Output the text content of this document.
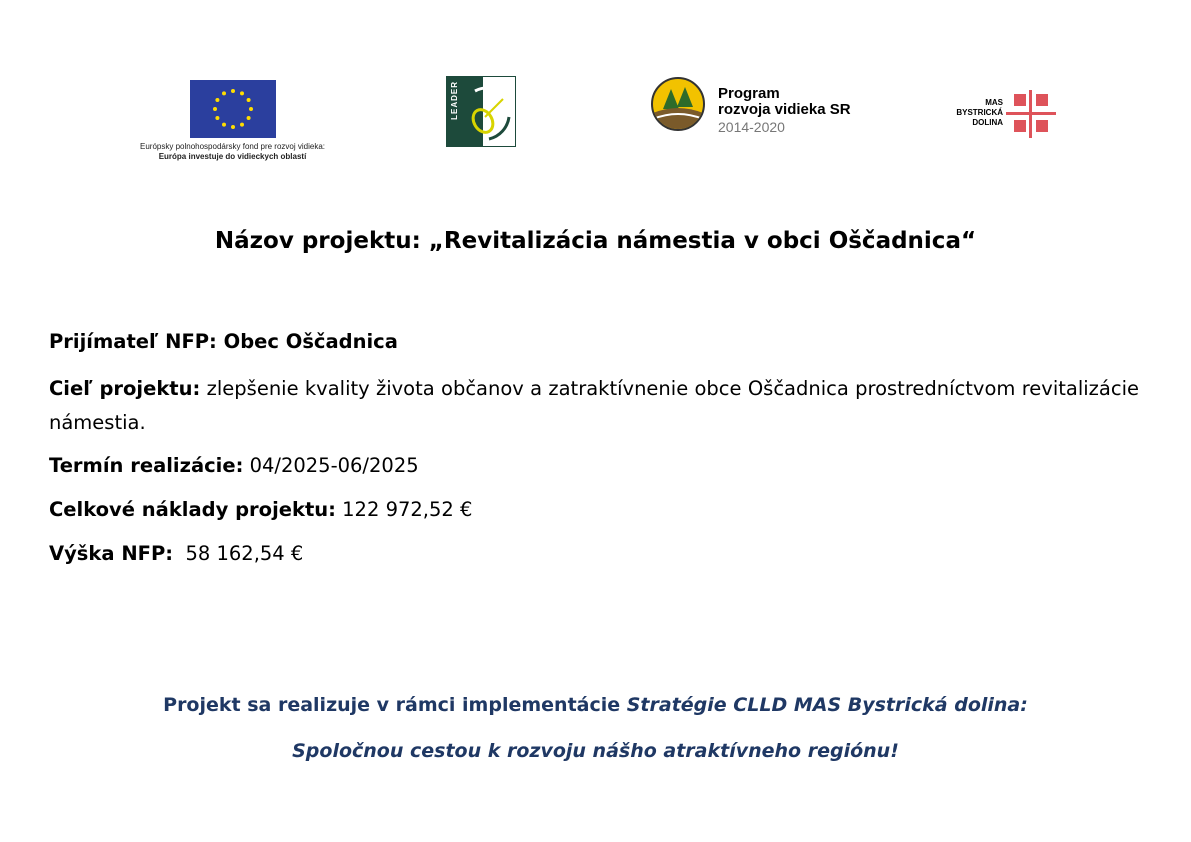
Európsky polnohospodársky fond pre rozvoj vidieka:
Európa investuje do vidieckych oblastí
LEADER	Program
rozvoja vidieka SR
2014-2020
MAS
BYSTRICKÁ
DOLINA
Názov projektu: „Revitalizácia námestia v obci Oščadnica“

Prijímateľ NFP: Obec Oščadnica

Cieľ projektu: zlepšenie kvality života občanov a zatraktívnenie obce Oščadnica prostredníctvom revitalizácie námestia.

Termín realizácie: 04/2025-06/2025

Celkové náklady projektu: 122 972,52 €

Výška NFP:  58 162,54 €

Projekt sa realizuje v rámci implementácie Stratégie CLLD MAS Bystrická dolina:
Spoločnou cestou k rozvoju nášho atraktívneho regiónu!
